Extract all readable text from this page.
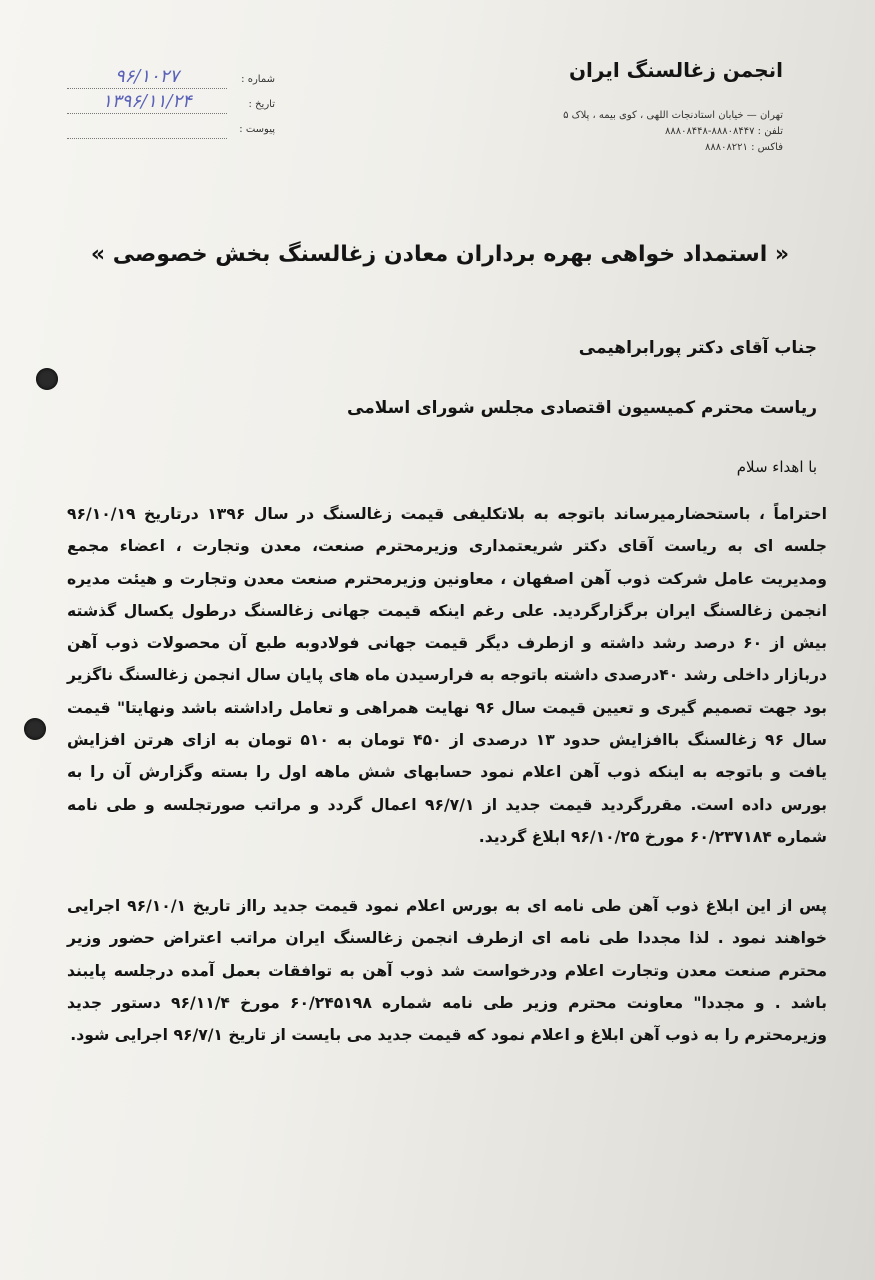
انجمن زغالسنگ ایران
تهران — خیابان استادنجات اللهی ، کوی بیمه ، پلاک ۵
تلفن : ۸۸۸۰۸۴۴۷-۸۸۸۰۸۴۴۸
فاکس : ۸۸۸۰۸۲۲۱
شماره :
۹۶/۱۰۲۷
تاریخ :
۱۳۹۶/۱۱/۲۴
پیوست :
« استمداد خواهی بهره برداران معادن زغالسنگ بخش خصوصی »
جناب آقای دکتر پورابراهیمی
ریاست محترم کمیسیون اقتصادی مجلس شورای اسلامی
با اهداء سلام

احتراماً ، باستحضارمیرساند باتوجه به بلاتکلیفی قیمت زغالسنگ در سال ۱۳۹۶ درتاریخ ۹۶/۱۰/۱۹ جلسه ای به ریاست آقای دکتر شریعتمداری وزیرمحترم صنعت، معدن وتجارت ، اعضاء مجمع ومدیریت عامل شرکت ذوب آهن اصفهان ، معاونین وزیرمحترم صنعت معدن وتجارت و هیئت مدیره انجمن زغالسنگ ایران برگزارگردید. علی رغم اینکه قیمت جهانی زغالسنگ درطول یکسال گذشته بیش از ۶۰ درصد رشد داشته و ازطرف دیگر قیمت جهانی فولادوبه طبع آن محصولات ذوب آهن دربازار داخلی رشد ۴۰درصدی داشته باتوجه به فرارسیدن ماه های پایان سال انجمن زغالسنگ ناگزیر بود جهت تصمیم گیری و تعیین قیمت سال ۹۶ نهایت همراهی و تعامل راداشته باشد ونهایتا" قیمت سال ۹۶ زغالسنگ باافزایش حدود ۱۳ درصدی از ۴۵۰ تومان به ۵۱۰ تومان به ازای هرتن افزایش یافت و باتوجه به اینکه ذوب آهن اعلام نمود حسابهای شش ماهه اول را بسته وگزارش آن را به بورس داده است. مقررگردید قیمت جدید از ۹۶/۷/۱ اعمال گردد و مراتب صورتجلسه و طی نامه شماره ۶۰/۲۳۷۱۸۴ مورخ ۹۶/۱۰/۲۵ ابلاغ گردید.

پس از این ابلاغ ذوب آهن طی نامه ای به بورس اعلام نمود قیمت جدید رااز تاریخ ۹۶/۱۰/۱ اجرایی خواهند نمود . لذا مجددا طی نامه ای ازطرف انجمن زغالسنگ ایران مراتب اعتراض حضور وزیر محترم صنعت معدن وتجارت اعلام ودرخواست شد ذوب آهن به توافقات بعمل آمده درجلسه پایبند باشد . و مجددا" معاونت محترم وزیر طی نامه شماره ۶۰/۲۴۵۱۹۸ مورخ ۹۶/۱۱/۴ دستور جدید وزیرمحترم را به ذوب آهن ابلاغ و اعلام نمود که قیمت جدید می بایست از تاریخ ۹۶/۷/۱ اجرایی شود.
